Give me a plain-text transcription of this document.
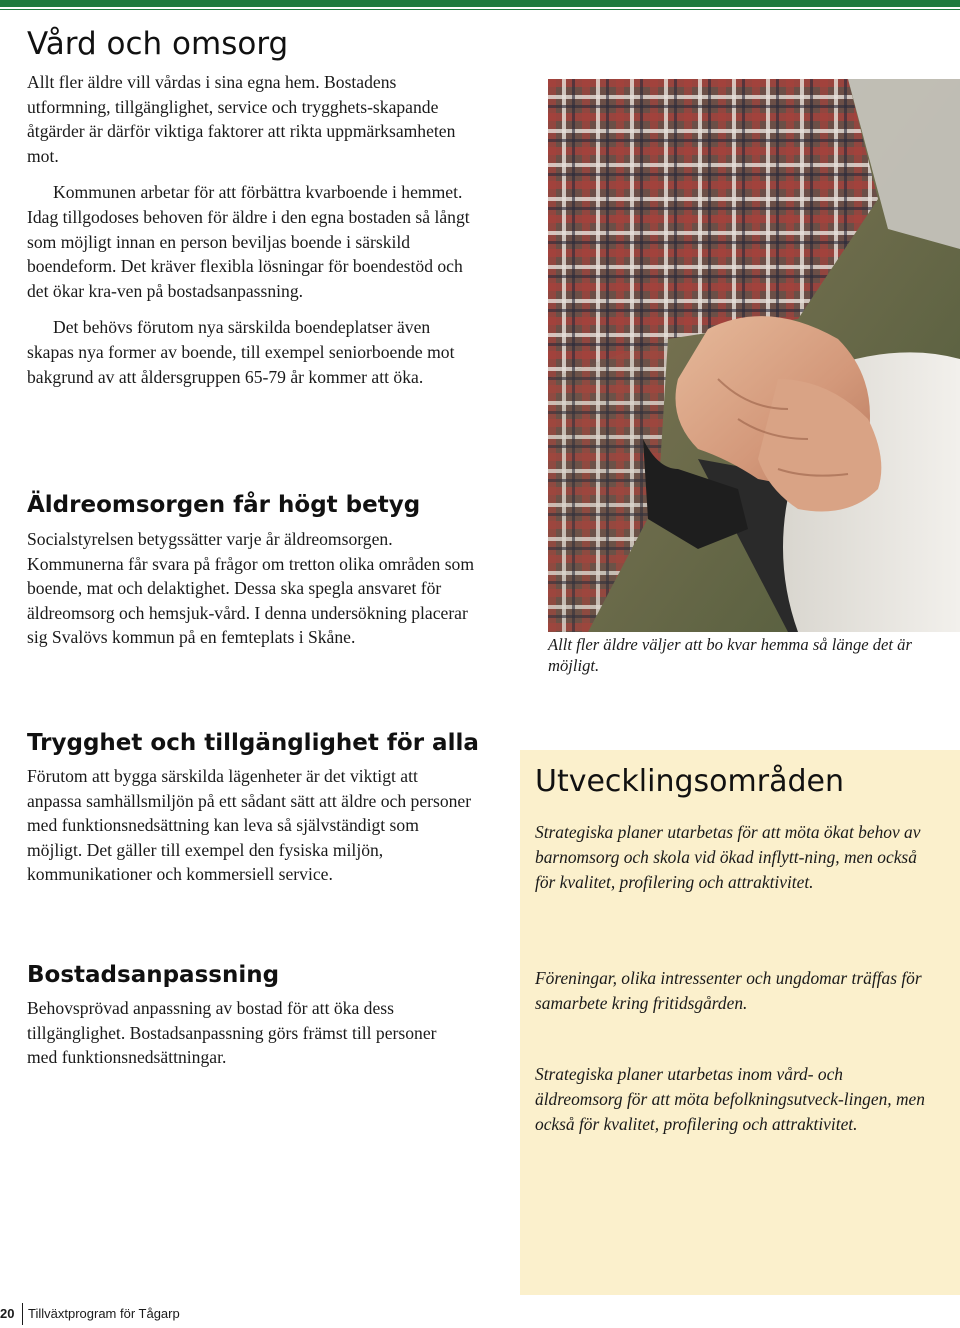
Vård och omsorg

Allt fler äldre vill vårdas i sina egna hem. Bostadens utformning, tillgänglighet, service och trygghets-skapande åtgärder är därför viktiga faktorer att rikta uppmärksamheten mot.

Kommunen arbetar för att förbättra kvarboende i hemmet. Idag tillgodoses behoven för äldre i den egna bostaden så långt som möjligt innan en person beviljas boende i särskild boendeform. Det kräver flexibla lösningar för boendestöd och det ökar kra-ven på bostadsanpassning.

Det behövs förutom nya särskilda boendeplatser även skapas nya former av boende, till exempel seniorboende mot bakgrund av att åldersgruppen 65-79 år kommer att öka.

Allt fler äldre väljer att bo kvar hemma så länge det är möjligt.
Äldreomsorgen får högt betyg

Socialstyrelsen betygssätter varje år äldreomsorgen. Kommunerna får svara på frågor om tretton olika områden som boende, mat och delaktighet. Dessa ska spegla ansvaret för äldreomsorg och hemsjuk-vård. I denna undersökning placerar sig Svalövs kommun på en femteplats i Skåne.

Trygghet och tillgänglighet för alla

Förutom att bygga särskilda lägenheter är det viktigt att anpassa samhällsmiljön på ett sådant sätt att äldre och personer med funktionsnedsättning kan leva så självständigt som möjligt. Det gäller till exempel den fysiska miljön, kommunikationer och kommersiell service.

Bostadsanpassning

Behovsprövad anpassning av bostad för att öka dess tillgänglighet. Bostadsanpassning görs främst till personer med funktionsnedsättningar.

Utvecklingsområden

Strategiska planer utarbetas för att möta ökat behov av barnomsorg och skola vid ökad inflytt-ning, men också för kvalitet, profilering och attraktivitet.

Föreningar, olika intressenter och ungdomar träffas för samarbete kring fritidsgården.

Strategiska planer utarbetas inom vård- och äldreomsorg för att möta befolkningsutveck-lingen, men också för kvalitet, profilering och attraktivitet.

20	Tillväxtprogram för Tågarp
